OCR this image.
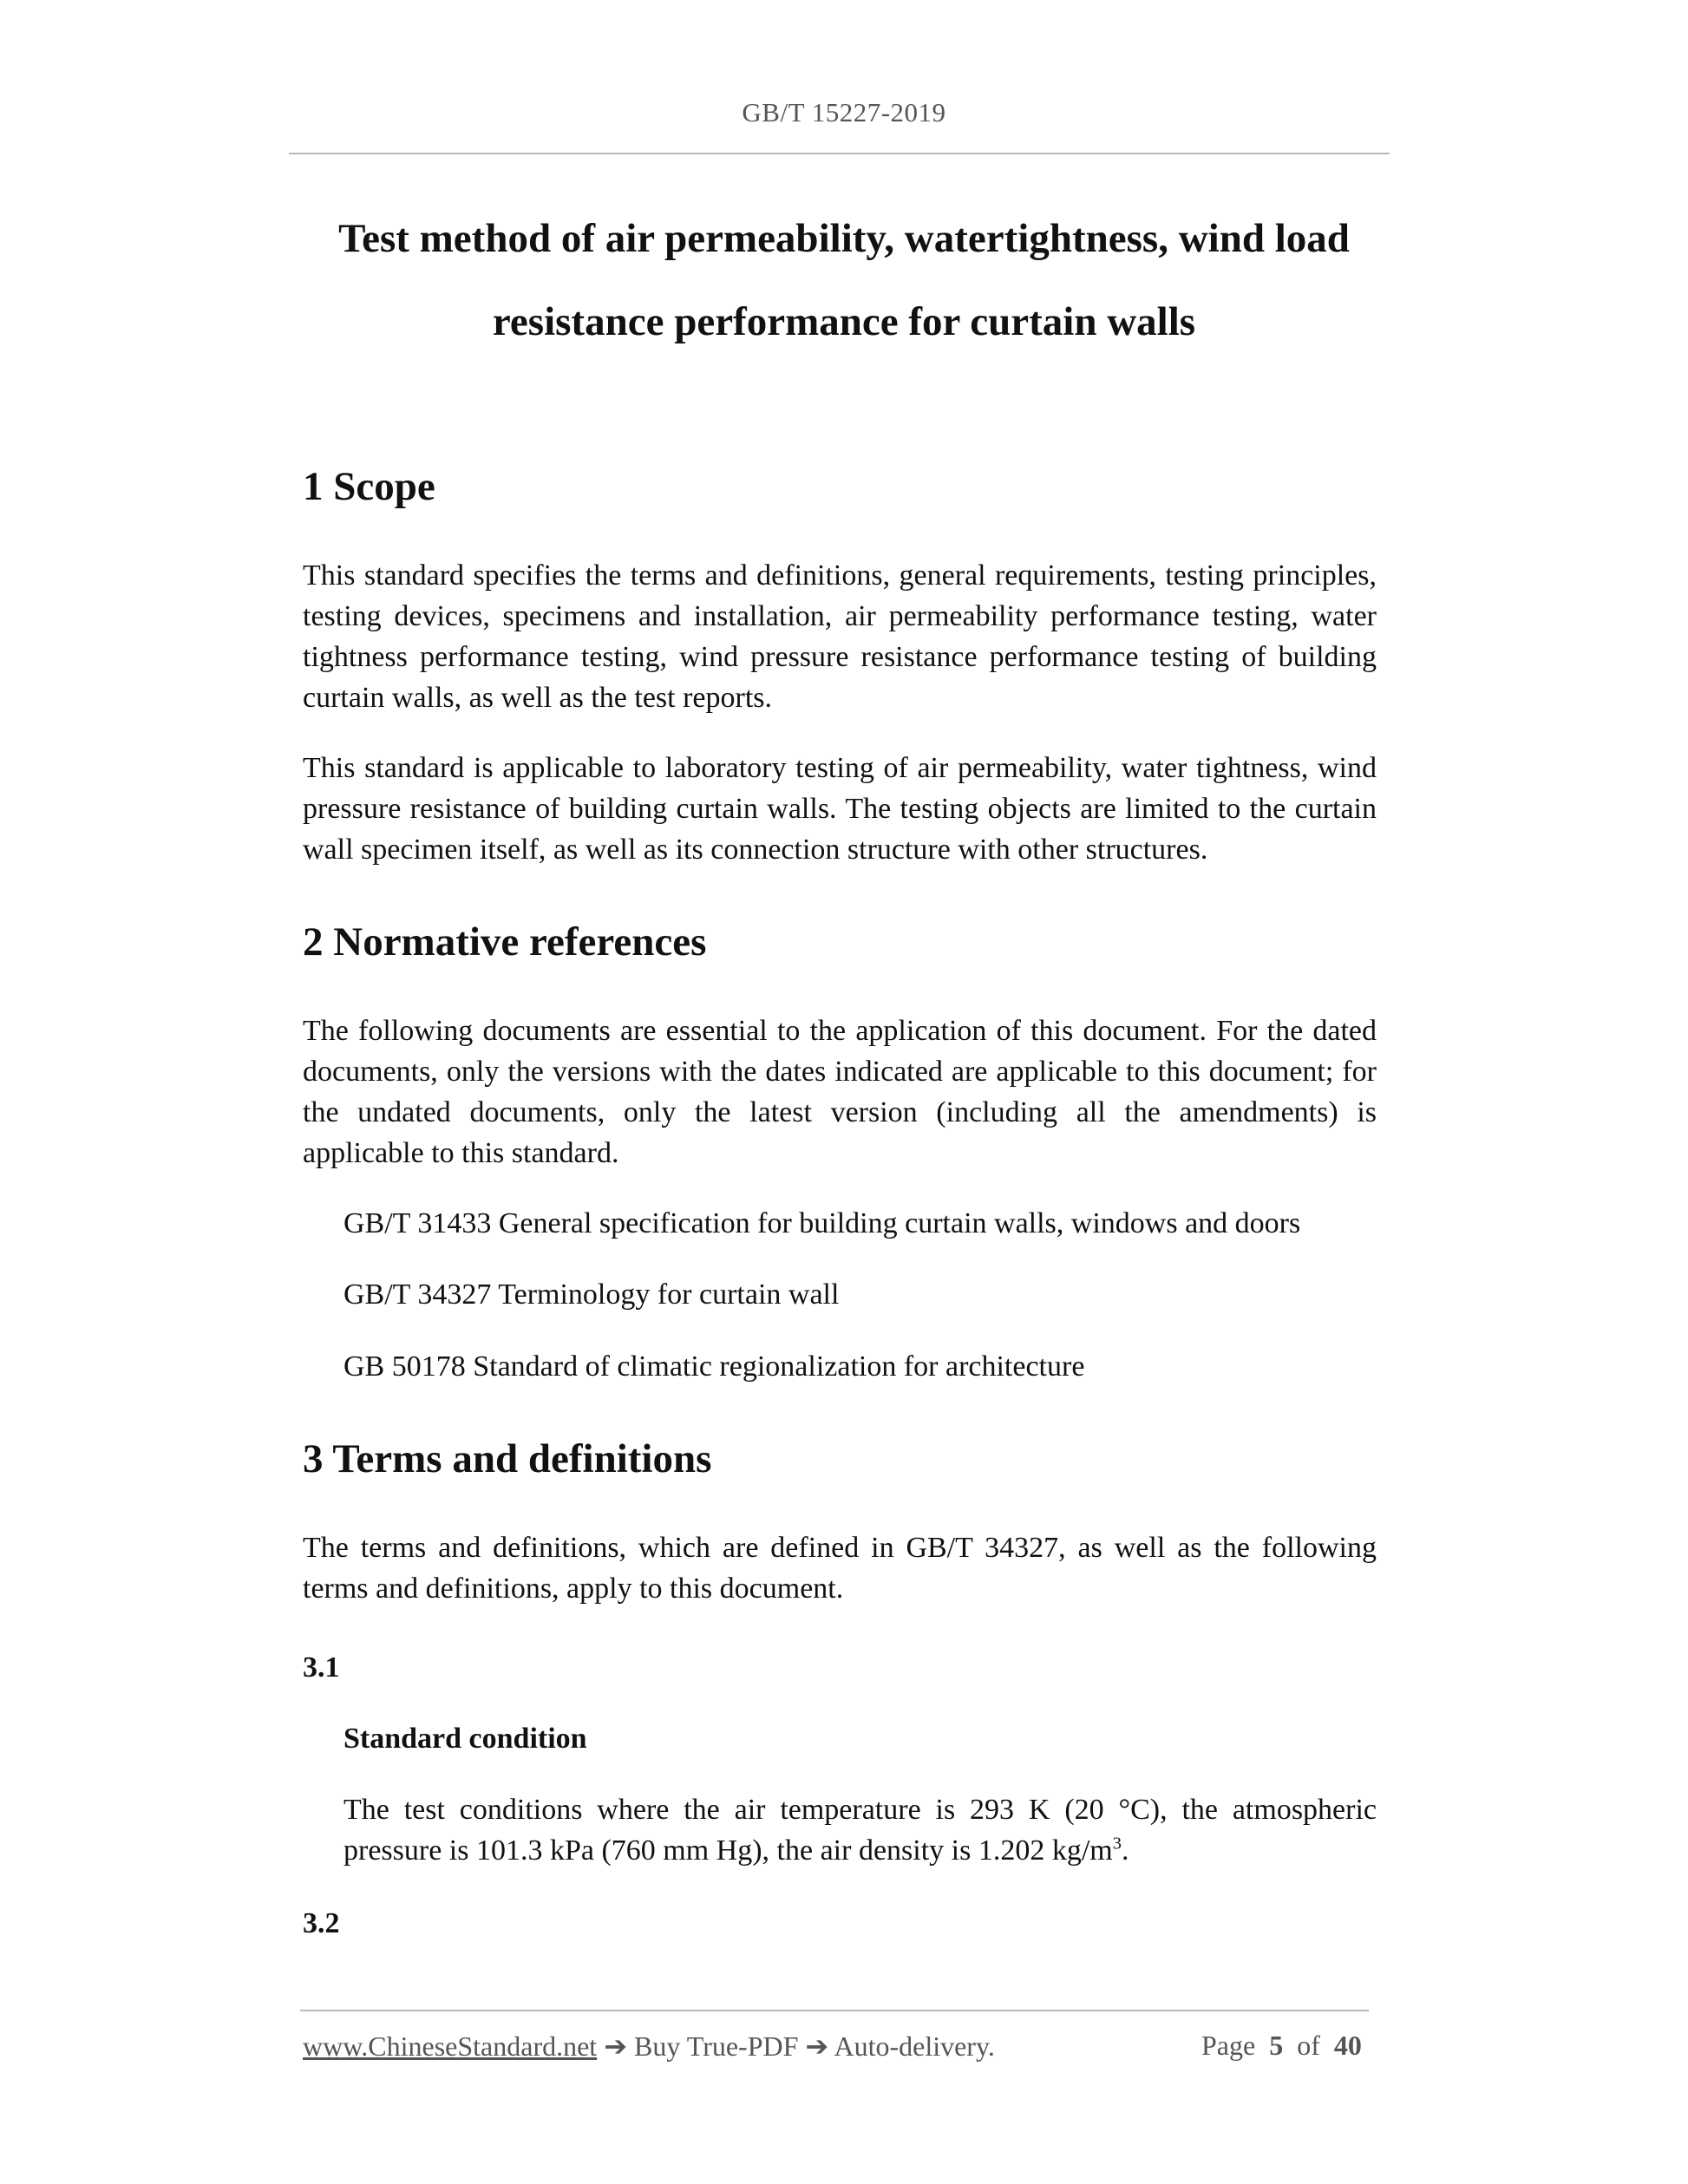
GB/T 15227-2019
Test method of air permeability, watertightness, wind load
resistance performance for curtain walls
1 Scope
This standard specifies the terms and definitions, general requirements, testing principles, testing devices, specimens and installation, air permeability performance testing, water tightness performance testing, wind pressure resistance performance testing of building curtain walls, as well as the test reports.
This standard is applicable to laboratory testing of air permeability, water tightness, wind pressure resistance of building curtain walls. The testing objects are limited to the curtain wall specimen itself, as well as its connection structure with other structures.
2 Normative references
The following documents are essential to the application of this document. For the dated documents, only the versions with the dates indicated are applicable to this document; for the undated documents, only the latest version (including all the amendments) is applicable to this standard.
GB/T 31433 General specification for building curtain walls, windows and doors
GB/T 34327 Terminology for curtain wall
GB 50178 Standard of climatic regionalization for architecture
3 Terms and definitions
The terms and definitions, which are defined in GB/T 34327, as well as the following terms and definitions, apply to this document.
3.1
Standard condition
The test conditions where the air temperature is 293 K (20 °C), the atmospheric pressure is 101.3 kPa (760 mm Hg), the air density is 1.202 $kg/m^3$.
3.2
www.ChineseStandard.net ➔ Buy True-PDF ➔ Auto-delivery.	Page 5 of 40
